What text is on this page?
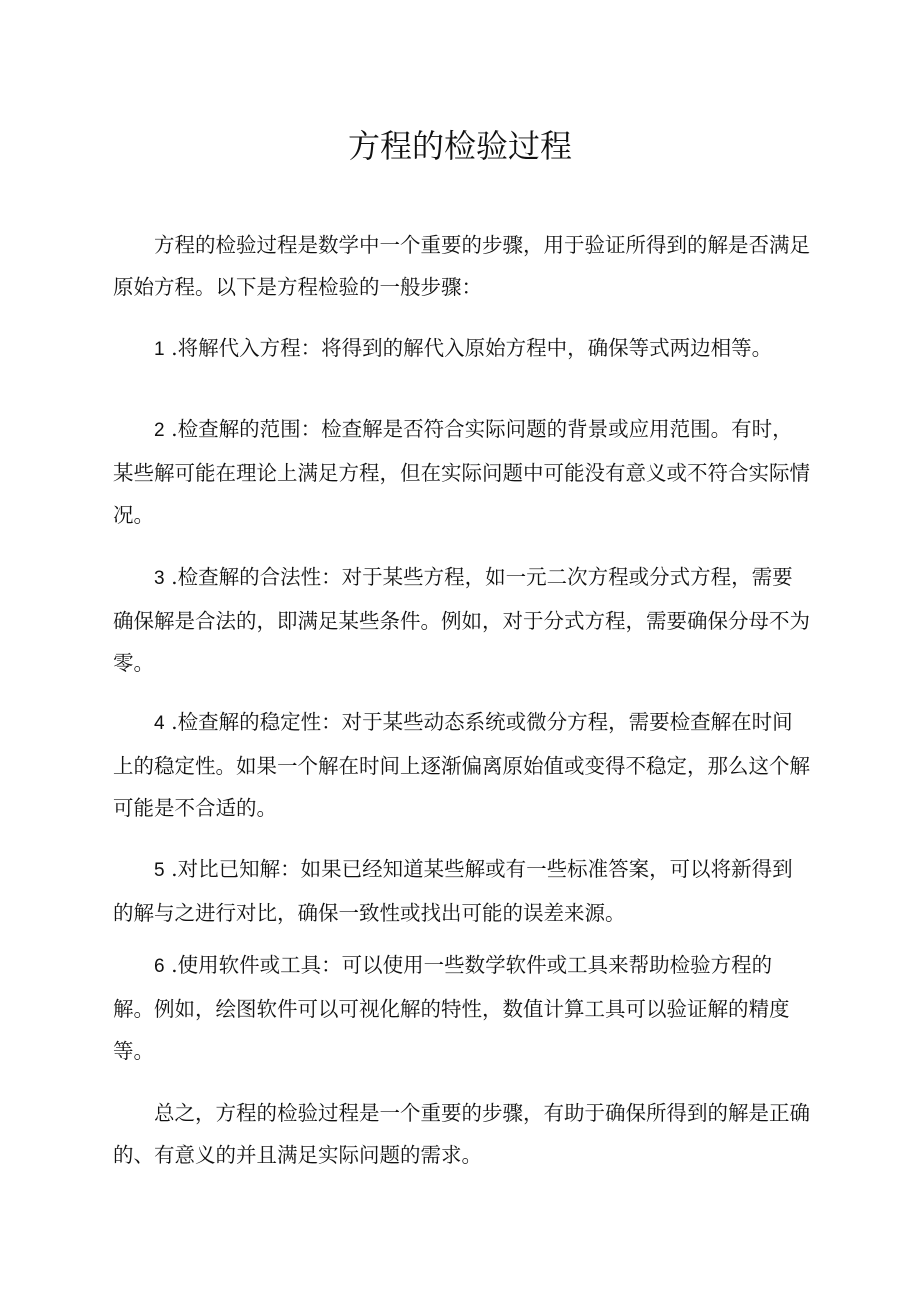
方程的检验过程
方程的检验过程是数学中一个重要的步骤，用于验证所得到的解是否满足原始方程。以下是方程检验的一般步骤：
1 .将解代入方程：将得到的解代入原始方程中，确保等式两边相等。
2 .检查解的范围：检查解是否符合实际问题的背景或应用范围。有时，某些解可能在理论上满足方程，但在实际问题中可能没有意义或不符合实际情况。
3 .检查解的合法性：对于某些方程，如一元二次方程或分式方程，需要确保解是合法的，即满足某些条件。例如，对于分式方程，需要确保分母不为零。
4 .检查解的稳定性：对于某些动态系统或微分方程，需要检查解在时间上的稳定性。如果一个解在时间上逐渐偏离原始值或变得不稳定，那么这个解可能是不合适的。
5 .对比已知解：如果已经知道某些解或有一些标准答案，可以将新得到的解与之进行对比，确保一致性或找出可能的误差来源。
6 .使用软件或工具：可以使用一些数学软件或工具来帮助检验方程的解。例如，绘图软件可以可视化解的特性，数值计算工具可以验证解的精度等。
总之，方程的检验过程是一个重要的步骤，有助于确保所得到的解是正确的、有意义的并且满足实际问题的需求。
